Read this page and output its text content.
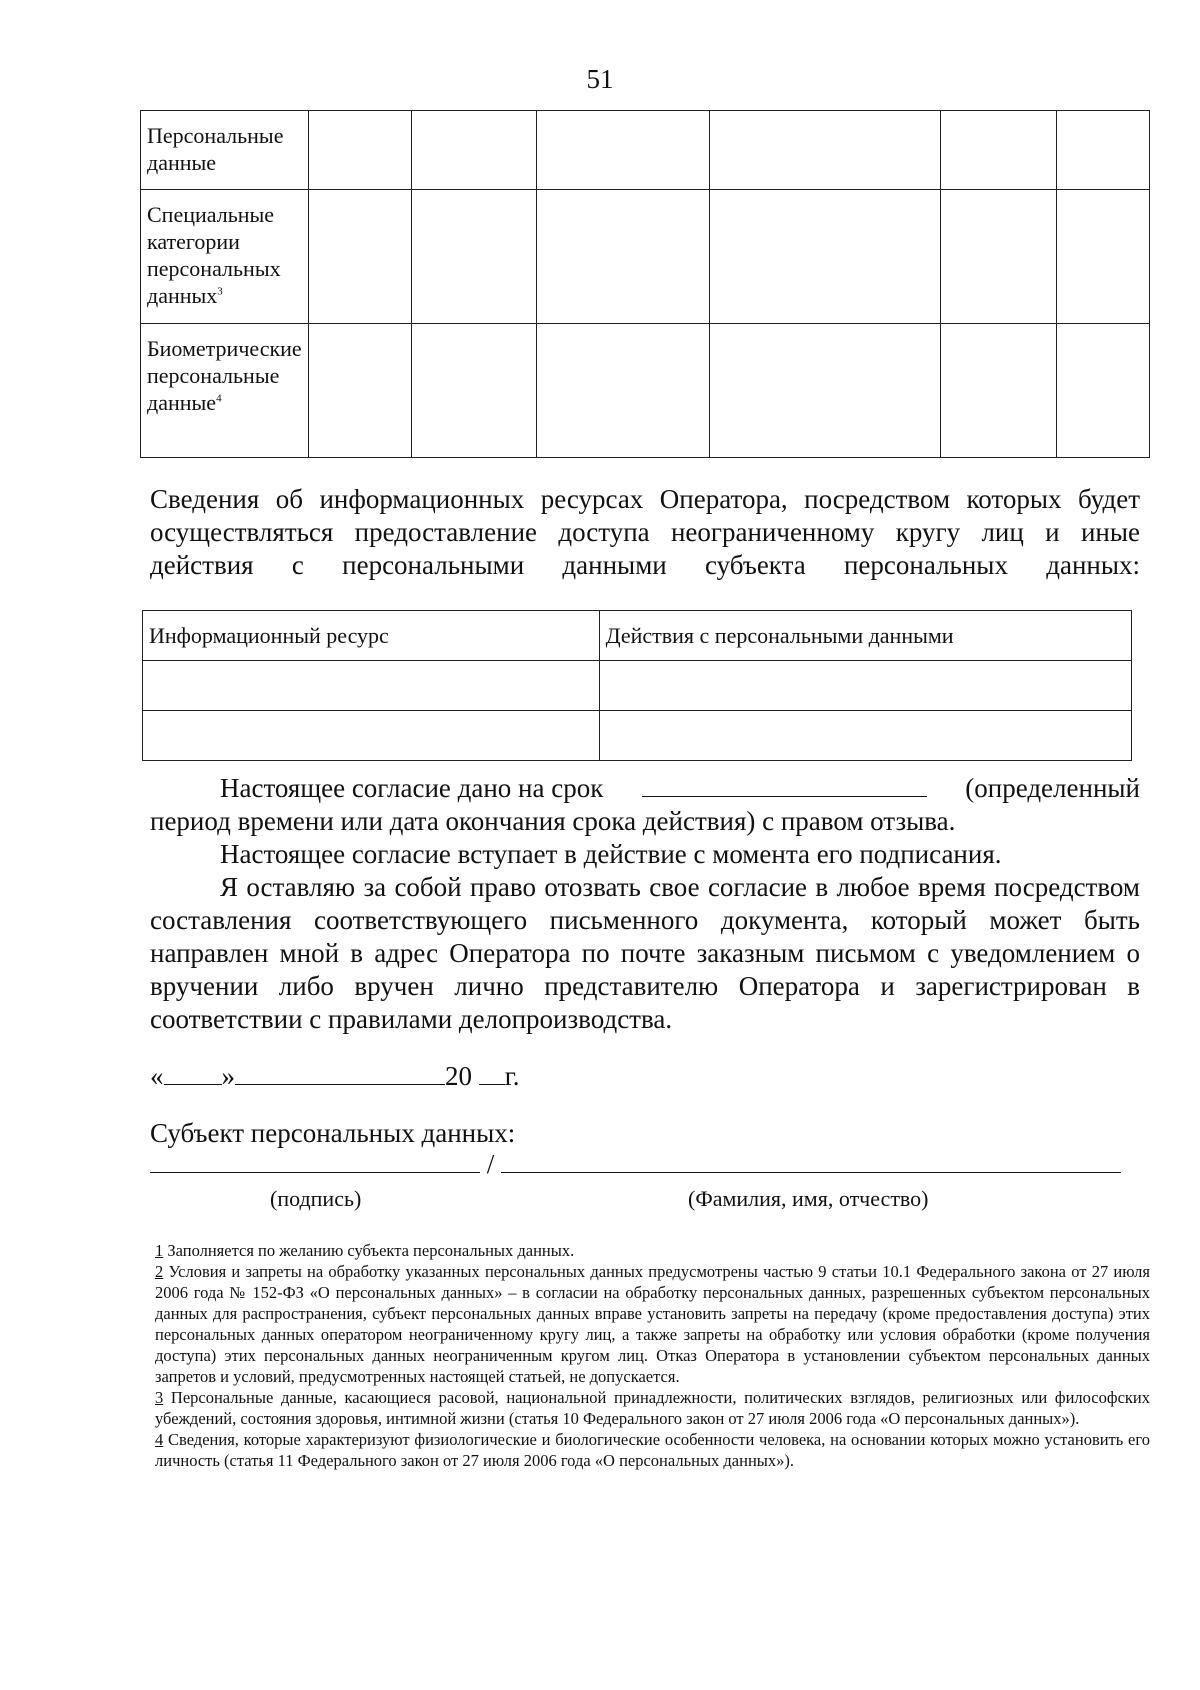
51
Персональные данные						
Специальные категории персональных данных$^3$						
Биометрические персональные данные$^4$						
Сведения об информационных ресурсах Оператора, посредством которых будет осуществляться предоставление доступа неограниченному кругу лиц и иные действия с персональными данными субъекта персональных данных:
Информационный ресурс	Действия с персональными данными

Настоящее согласие дано на срок	(определенный
период времени или дата окончания срока действия) с правом отзыва.
Настоящее согласие вступает в действие с момента его подписания.
Я оставляю за собой право отозвать свое согласие в любое время посредством составления соответствующего письменного документа, который может быть направлен мной в адрес Оператора по почте заказным письмом с уведомлением о вручении либо вручен лично представителю Оператора и зарегистрирован в соответствии с правилами делопроизводства.
« »	20 г.
Субъект персональных данных:
/
(подпись)	(Фамилия, имя, отчество)
1 Заполняется по желанию субъекта персональных данных.
2 Условия и запреты на обработку указанных персональных данных предусмотрены частью 9 статьи 10.1 Федерального закона от 27 июля 2006 года № 152-ФЗ «О персональных данных» – в согласии на обработку персональных данных, разрешенных субъектом персональных данных для распространения, субъект персональных данных вправе установить запреты на передачу (кроме предоставления доступа) этих персональных данных оператором неограниченному кругу лиц, а также запреты на обработку или условия обработки (кроме получения доступа) этих персональных данных неограниченным кругом лиц. Отказ Оператора в установлении субъектом персональных данных запретов и условий, предусмотренных настоящей статьей, не допускается.
3 Персональные данные, касающиеся расовой, национальной принадлежности, политических взглядов, религиозных или философских убеждений, состояния здоровья, интимной жизни (статья 10 Федерального закон от 27 июля 2006 года «О персональных данных»).
4 Сведения, которые характеризуют физиологические и биологические особенности человека, на основании которых можно установить его личность (статья 11 Федерального закон от 27 июля 2006 года «О персональных данных»).
